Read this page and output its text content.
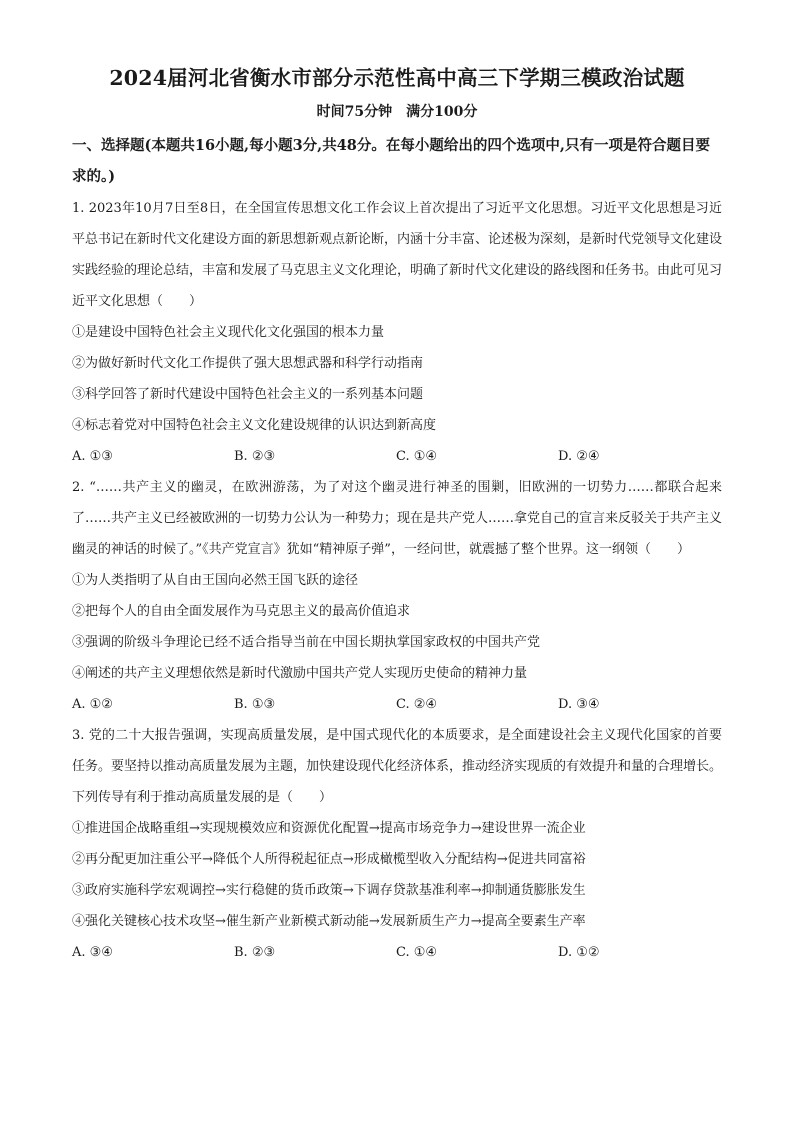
2024届河北省衡水市部分示范性高中高三下学期三模政治试题
时间75分钟 满分100分
一、选择题(本题共16小题,每小题3分,共48分。在每小题给出的四个选项中,只有一项是符合题目要求的。)

1. 2023年10月7日至8日，在全国宣传思想文化工作会议上首次提出了习近平文化思想。习近平文化思想是习近平总书记在新时代文化建设方面的新思想新观点新论断，内涵十分丰富、论述极为深刻，是新时代党领导文化建设实践经验的理论总结，丰富和发展了马克思主义文化理论，明确了新时代文化建设的路线图和任务书。由此可见习近平文化思想（　　）

①是建设中国特色社会主义现代化文化强国的根本力量

②为做好新时代文化工作提供了强大思想武器和科学行动指南

③科学回答了新时代建设中国特色社会主义的一系列基本问题

④标志着党对中国特色社会主义文化建设规律的认识达到新高度

A. ①③	B. ②③	C. ①④	D. ②④

2. “……共产主义的幽灵，在欧洲游荡，为了对这个幽灵进行神圣的围剿，旧欧洲的一切势力……都联合起来了……共产主义已经被欧洲的一切势力公认为一种势力；现在是共产党人……拿党自己的宣言来反驳关于共产主义幽灵的神话的时候了。”《共产党宣言》犹如“精神原子弹”，一经问世，就震撼了整个世界。这一纲领（　　）

①为人类指明了从自由王国向必然王国飞跃的途径

②把每个人的自由全面发展作为马克思主义的最高价值追求

③强调的阶级斗争理论已经不适合指导当前在中国长期执掌国家政权的中国共产党

④阐述的共产主义理想依然是新时代激励中国共产党人实现历史使命的精神力量

A. ①②	B. ①③	C. ②④	D. ③④

3. 党的二十大报告强调，实现高质量发展，是中国式现代化的本质要求，是全面建设社会主义现代化国家的首要任务。要坚持以推动高质量发展为主题，加快建设现代化经济体系，推动经济实现质的有效提升和量的合理增长。下列传导有利于推动高质量发展的是（　　）

①推进国企战略重组→实现规模效应和资源优化配置→提高市场竞争力→建设世界一流企业

②再分配更加注重公平→降低个人所得税起征点→形成橄榄型收入分配结构→促进共同富裕

③政府实施科学宏观调控→实行稳健的货币政策→下调存贷款基准利率→抑制通货膨胀发生

④强化关键核心技术攻坚→催生新产业新模式新动能→发展新质生产力→提高全要素生产率

A. ③④	B. ②③	C. ①④	D. ①②
